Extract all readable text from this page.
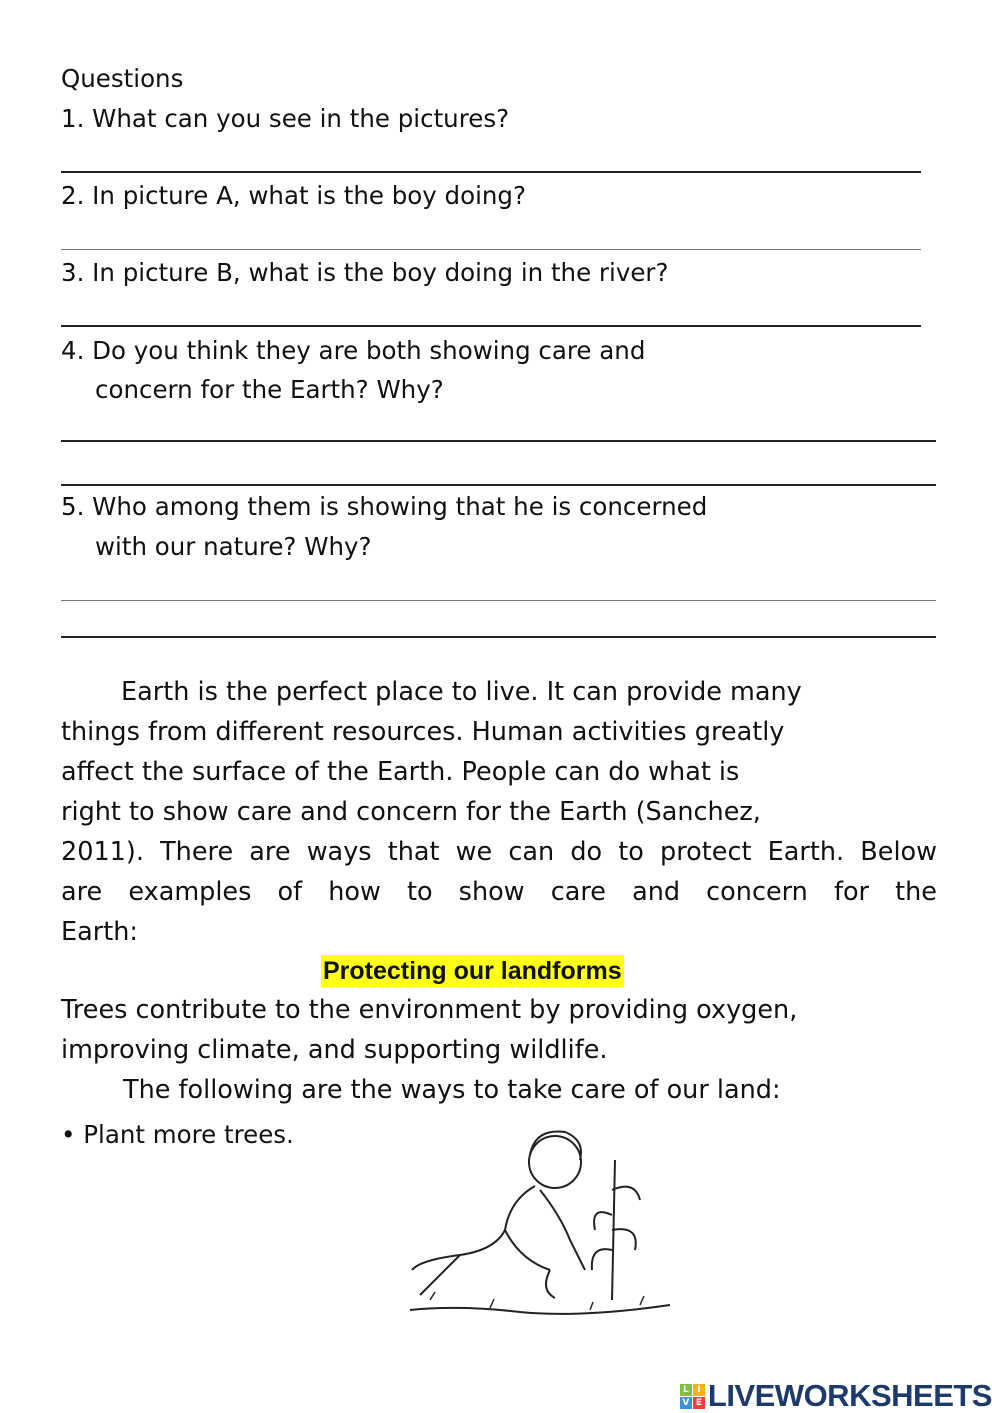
Questions
1. What can you see in the pictures?
2. In picture A, what is the boy doing?
3. In picture B, what is the boy doing in the river?
4. Do you think they are both showing care and
concern for the Earth? Why?
5. Who among them is showing that he is concerned
with our nature? Why?
Earth is the perfect place to live. It can provide many
things from different resources. Human activities greatly
affect the surface of the Earth. People can do what is
right to show care and concern for the Earth (Sanchez,
2011). There are ways that we can do to protect Earth. Below
are examples of how to show care and concern for the
Earth:
Protecting our landforms
Trees contribute to the environment by providing oxygen,
improving climate, and supporting wildlife.
The following are the ways to take care of our land:
• Plant more trees.
L I
V E LIVEWORKSHEETS
